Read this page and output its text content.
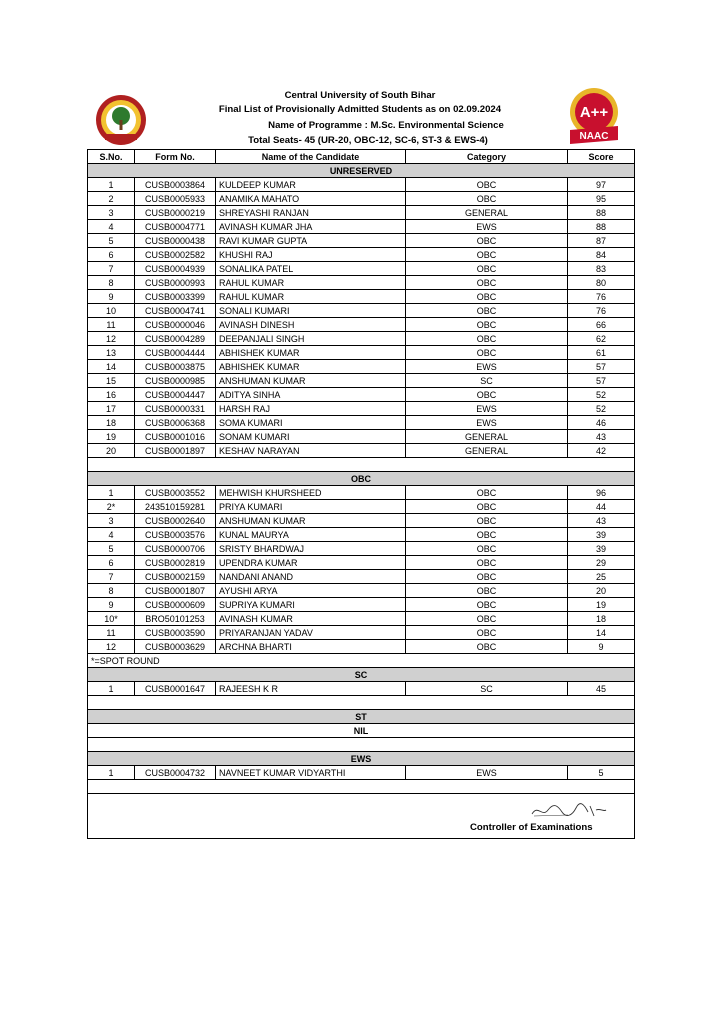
Central University of South Bihar
Final List of Provisionally Admitted Students as on 02.09.2024
Name of Programme : M.Sc. Environmental Science
Total Seats- 45 (UR-20, OBC-12, SC-6, ST-3 & EWS-4)
A++
NAAC
S.No.	Form No.	Name of the Candidate	Category	Score
UNRESERVED				
1	CUSB0003864	KULDEEP KUMAR	OBC	97
2	CUSB0005933	ANAMIKA MAHATO	OBC	95
3	CUSB0000219	SHREYASHI RANJAN	GENERAL	88
4	CUSB0004771	AVINASH KUMAR JHA	EWS	88
5	CUSB0000438	RAVI KUMAR GUPTA	OBC	87
6	CUSB0002582	KHUSHI RAJ	OBC	84
7	CUSB0004939	SONALIKA PATEL	OBC	83
8	CUSB0000993	RAHUL KUMAR	OBC	80
9	CUSB0003399	RAHUL KUMAR	OBC	76
10	CUSB0004741	SONALI KUMARI	OBC	76
11	CUSB0000046	AVINASH DINESH	OBC	66
12	CUSB0004289	DEEPANJALI SINGH	OBC	62
13	CUSB0004444	ABHISHEK KUMAR	OBC	61
14	CUSB0003875	ABHISHEK KUMAR	EWS	57
15	CUSB0000985	ANSHUMAN KUMAR	SC	57
16	CUSB0004447	ADITYA SINHA	OBC	52
17	CUSB0000331	HARSH RAJ	EWS	52
18	CUSB0006368	SOMA KUMARI	EWS	46
19	CUSB0001016	SONAM KUMARI	GENERAL	43
20	CUSB0001897	KESHAV NARAYAN	GENERAL	42

OBC				
1	CUSB0003552	MEHWISH KHURSHEED	OBC	96
2*	243510159281	PRIYA KUMARI	OBC	44
3	CUSB0002640	ANSHUMAN KUMAR	OBC	43
4	CUSB0003576	KUNAL MAURYA	OBC	39
5	CUSB0000706	SRISTY BHARDWAJ	OBC	39
6	CUSB0002819	UPENDRA KUMAR	OBC	29
7	CUSB0002159	NANDANI ANAND	OBC	25
8	CUSB0001807	AYUSHI ARYA	OBC	20
9	CUSB0000609	SUPRIYA KUMARI	OBC	19
10*	BRO50101253	AVINASH KUMAR	OBC	18
11	CUSB0003590	PRIYARANJAN YADAV	OBC	14
12	CUSB0003629	ARCHNA BHARTI	OBC	9
*=SPOT ROUND				
SC				
1	CUSB0001647	RAJEESH K R	SC	45

ST				
NIL				

EWS				
1	CUSB0004732	NAVNEET KUMAR VIDYARTHI	EWS	5

Controller of Examinations				
